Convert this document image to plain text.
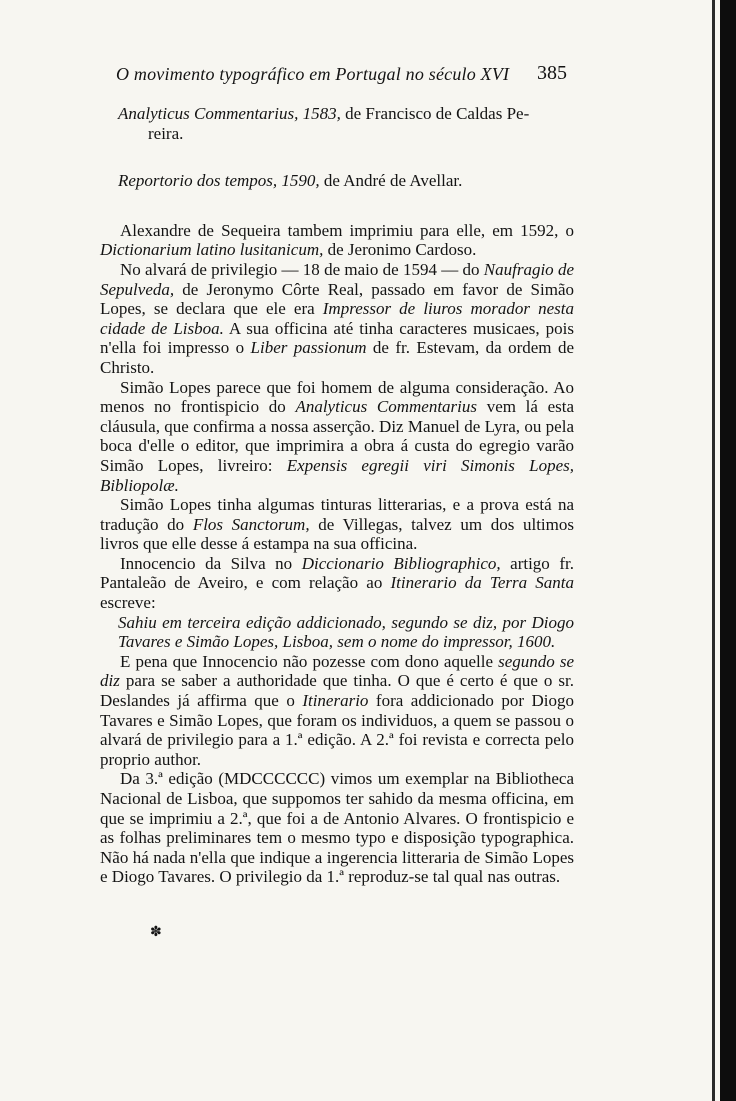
O movimento typográfico em Portugal no século XVI	385

Analyticus Commentarius, 1583, de Francisco de Caldas Pe-
reira.

Reportorio dos tempos, 1590, de André de Avellar.

Alexandre de Sequeira tambem imprimiu para elle, em 1592, o Dictionarium latino lusitanicum, de Jeronimo Cardoso.

No alvará de privilegio — 18 de maio de 1594 — do Naufragio de Sepulveda, de Jeronymo Côrte Real, passado em favor de Simão Lopes, se declara que ele era Impressor de liuros morador nesta cidade de Lisboa. A sua officina até tinha caracteres musicaes, pois n'ella foi impresso o Liber passionum de fr. Estevam, da ordem de Christo.

Simão Lopes parece que foi homem de alguma consideração. Ao menos no frontispicio do Analyticus Commentarius vem lá esta cláusula, que confirma a nossa asserção. Diz Manuel de Lyra, ou pela boca d'elle o editor, que imprimira a obra á custa do egregio varão Simão Lopes, livreiro: Expensis egregii viri Simonis Lopes, Bibliopolæ.

Simão Lopes tinha algumas tinturas litterarias, e a prova está na tradução do Flos Sanctorum, de Villegas, talvez um dos ultimos livros que elle desse á estampa na sua officina.

Innocencio da Silva no Diccionario Bibliographico, artigo fr. Pantaleão de Aveiro, e com relação ao Itinerario da Terra Santa escreve:

Sahiu em terceira edição addicionado, segundo se diz, por Diogo Tavares e Simão Lopes, Lisboa, sem o nome do impressor, 1600.

E pena que Innocencio não pozesse com dono aquelle segundo se diz para se saber a authoridade que tinha. O que é certo é que o sr. Deslandes já affirma que o Itinerario fora addicionado por Diogo Tavares e Simão Lopes, que foram os individuos, a quem se passou o alvará de privilegio para a 1.ª edição. A 2.ª foi revista e correcta pelo proprio author.

Da 3.ª edição (MDCCCCCC) vimos um exemplar na Bibliotheca Nacional de Lisboa, que suppomos ter sahido da mesma officina, em que se imprimiu a 2.ª, que foi a de Antonio Alvares. O frontispicio e as folhas preliminares tem o mesmo typo e disposição typographica. Não há nada n'ella que indique a ingerencia litteraria de Simão Lopes e Diogo Tavares. O privilegio da 1.ª reproduz-se tal qual nas outras.

✽
